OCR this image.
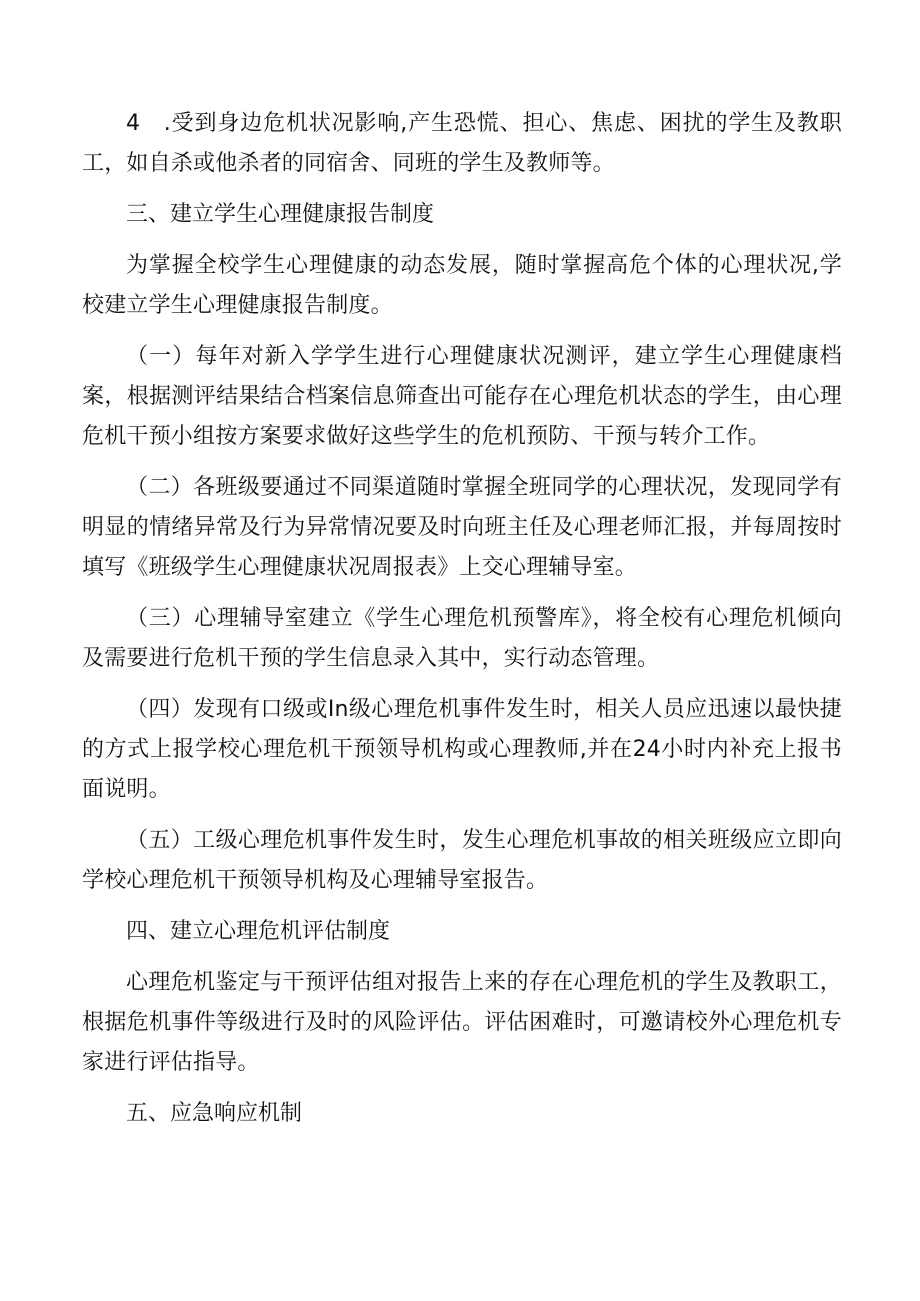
4　.受到身边危机状况影响,产生恐慌、担心、焦虑、困扰的学生及教职工，如自杀或他杀者的同宿舍、同班的学生及教师等。

三、建立学生心理健康报告制度

为掌握全校学生心理健康的动态发展，随时掌握高危个体的心理状况,学校建立学生心理健康报告制度。

（一）每年对新入学学生进行心理健康状况测评，建立学生心理健康档案，根据测评结果结合档案信息筛查出可能存在心理危机状态的学生，由心理危机干预小组按方案要求做好这些学生的危机预防、干预与转介工作。

（二）各班级要通过不同渠道随时掌握全班同学的心理状况，发现同学有明显的情绪异常及行为异常情况要及时向班主任及心理老师汇报，并每周按时填写《班级学生心理健康状况周报表》上交心理辅导室。

（三）心理辅导室建立《学生心理危机预警库》，将全校有心理危机倾向及需要进行危机干预的学生信息录入其中，实行动态管理。

（四）发现有口级或In级心理危机事件发生时，相关人员应迅速以最快捷的方式上报学校心理危机干预领导机构或心理教师,并在24小时内补充上报书面说明。

（五）工级心理危机事件发生时，发生心理危机事故的相关班级应立即向学校心理危机干预领导机构及心理辅导室报告。

四、建立心理危机评估制度

心理危机鉴定与干预评估组对报告上来的存在心理危机的学生及教职工，根据危机事件等级进行及时的风险评估。评估困难时，可邀请校外心理危机专家进行评估指导。

五、应急响应机制
